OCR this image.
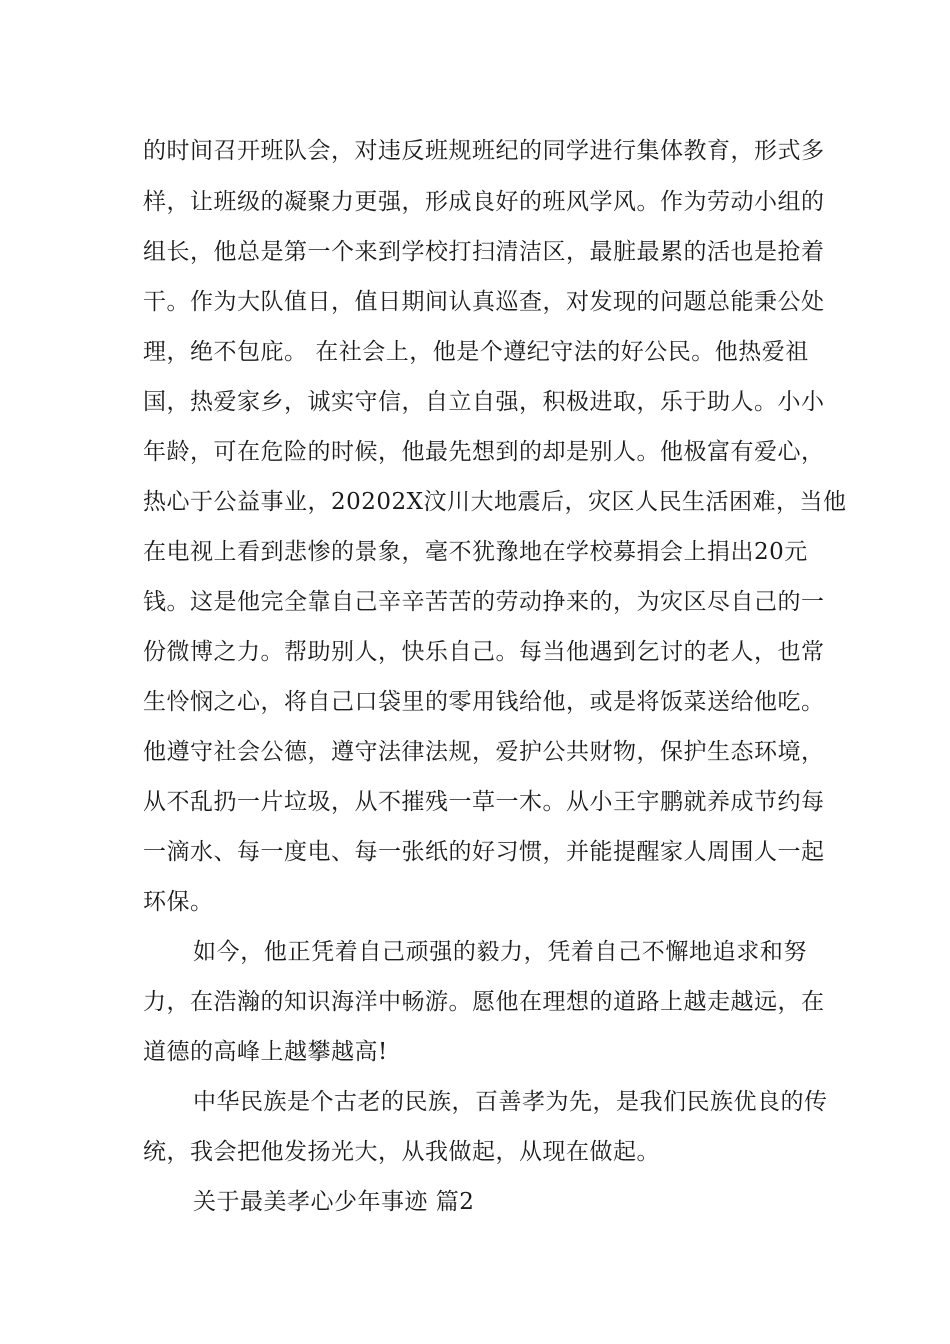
的时间召开班队会，对违反班规班纪的同学进行集体教育，形式多
样，让班级的凝聚力更强，形成良好的班风学风。作为劳动小组的
组长，他总是第一个来到学校打扫清洁区，最脏最累的活也是抢着
干。作为大队值日，值日期间认真巡查，对发现的问题总能秉公处
理，绝不包庇。 在社会上，他是个遵纪守法的好公民。他热爱祖
国，热爱家乡，诚实守信，自立自强，积极进取，乐于助人。小小
年龄，可在危险的时候，他最先想到的却是别人。他极富有爱心，
热心于公益事业，20202X汶川大地震后，灾区人民生活困难，当他
在电视上看到悲惨的景象，毫不犹豫地在学校募捐会上捐出20元
钱。这是他完全靠自己辛辛苦苦的劳动挣来的，为灾区尽自己的一
份微博之力。帮助别人，快乐自己。每当他遇到乞讨的老人，也常
生怜悯之心，将自己口袋里的零用钱给他，或是将饭菜送给他吃。
他遵守社会公德，遵守法律法规，爱护公共财物，保护生态环境，
从不乱扔一片垃圾，从不摧残一草一木。从小王宇鹏就养成节约每
一滴水、每一度电、每一张纸的好习惯，并能提醒家人周围人一起
环保。
如今，他正凭着自己顽强的毅力，凭着自己不懈地追求和努
力，在浩瀚的知识海洋中畅游。愿他在理想的道路上越走越远，在
道德的高峰上越攀越高!
中华民族是个古老的民族，百善孝为先，是我们民族优良的传
统，我会把他发扬光大，从我做起，从现在做起。
关于最美孝心少年事迹 篇2
